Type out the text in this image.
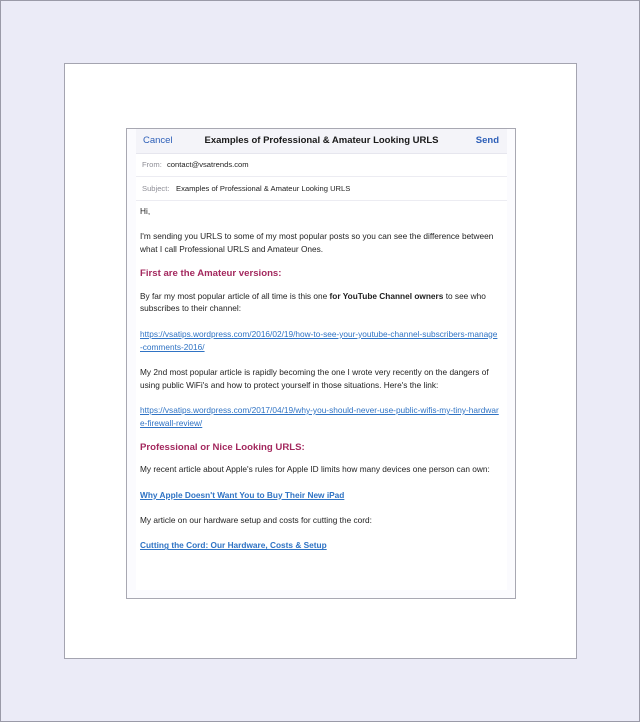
Cancel	Examples of Professional & Amateur Looking URLS	Send
From: contact@vsatrends.com
Subject: Examples of Professional & Amateur Looking URLS

Hi,

I'm sending you URLS to some of my most popular posts so you can see the difference between what I call Professional URLS and Amateur Ones.

First are the Amateur versions:

By far my most popular article of all time is this one for YouTube Channel owners to see who subscribes to their channel:

https://vsatips.wordpress.com/2016/02/19/how-to-see-your-youtube-channel-subscribers-manage-comments-2016/

My 2nd most popular article is rapidly becoming the one I wrote very recently on the dangers of using public WiFi's and how to protect yourself in those situations. Here's the link:

https://vsatips.wordpress.com/2017/04/19/why-you-should-never-use-public-wifis-my-tiny-hardware-firewall-review/

Professional or Nice Looking URLS:

My recent article about Apple's rules for Apple ID limits how many devices one person can own:

Why Apple Doesn't Want You to Buy Their New iPad

My article on our hardware setup and costs for cutting the cord:

Cutting the Cord: Our Hardware, Costs & Setup
